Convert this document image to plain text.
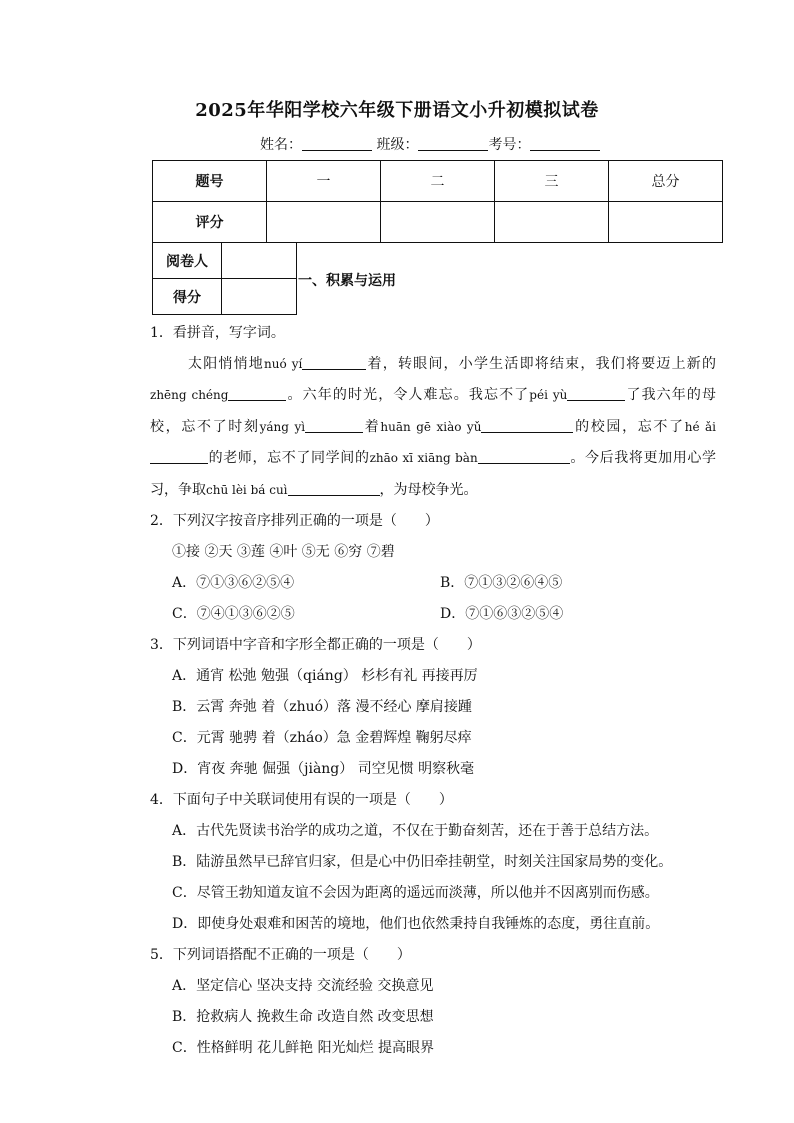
2025年华阳学校六年级下册语文小升初模拟试卷
姓名：	班级：	考号：
题号	一	二	三	总分
评分				
阅卷人	
得分	
一、积累与运用

1．看拼音，写字词。

太阳悄悄地nuó yí	着，转眼间，小学生活即将结束，我们将要迈上新的zhēng chéng	。六年的时光，令人难忘。我忘不了péi yù	了我六年的母校，忘不了时刻yáng yì	着huān gē xiào yǔ	的校园，忘不了hé ǎi的老师，忘不了同学间的zhāo xī xiāng bàn	。今后我将更加用心学习，争取chū lèi bá cuì	，为母校争光。

2．下列汉字按音序排列正确的一项是（　　）

①接 ②天 ③莲 ④叶 ⑤无 ⑥穷 ⑦碧
A．⑦①③⑥②⑤④	B．⑦①③②⑥④⑤
C．⑦④①③⑥②⑤	D．⑦①⑥③②⑤④

3．下列词语中字音和字形全都正确的一项是（　　）

A．通宵 松弛 勉强（qiáng） 杉杉有礼 再接再厉
B．云霄 奔弛 着（zhuó）落 漫不经心 摩肩接踵
C．元霄 驰骋 着（zháo）急 金碧辉煌 鞠躬尽瘁
D．宵夜 奔驰 倔强（jiàng） 司空见惯 明察秋毫

4．下面句子中关联词使用有误的一项是（　　）

A．古代先贤读书治学的成功之道，不仅在于勤奋刻苦，还在于善于总结方法。
B．陆游虽然早已辞官归家，但是心中仍旧牵挂朝堂，时刻关注国家局势的变化。
C．尽管王勃知道友谊不会因为距离的遥远而淡薄，所以他并不因离别而伤感。
D．即使身处艰难和困苦的境地，他们也依然秉持自我锤炼的态度，勇往直前。

5．下列词语搭配不正确的一项是（　　）

A．坚定信心 坚决支持 交流经验 交换意见
B．抢救病人 挽救生命 改造自然 改变思想
C．性格鲜明 花儿鲜艳 阳光灿烂 提高眼界
